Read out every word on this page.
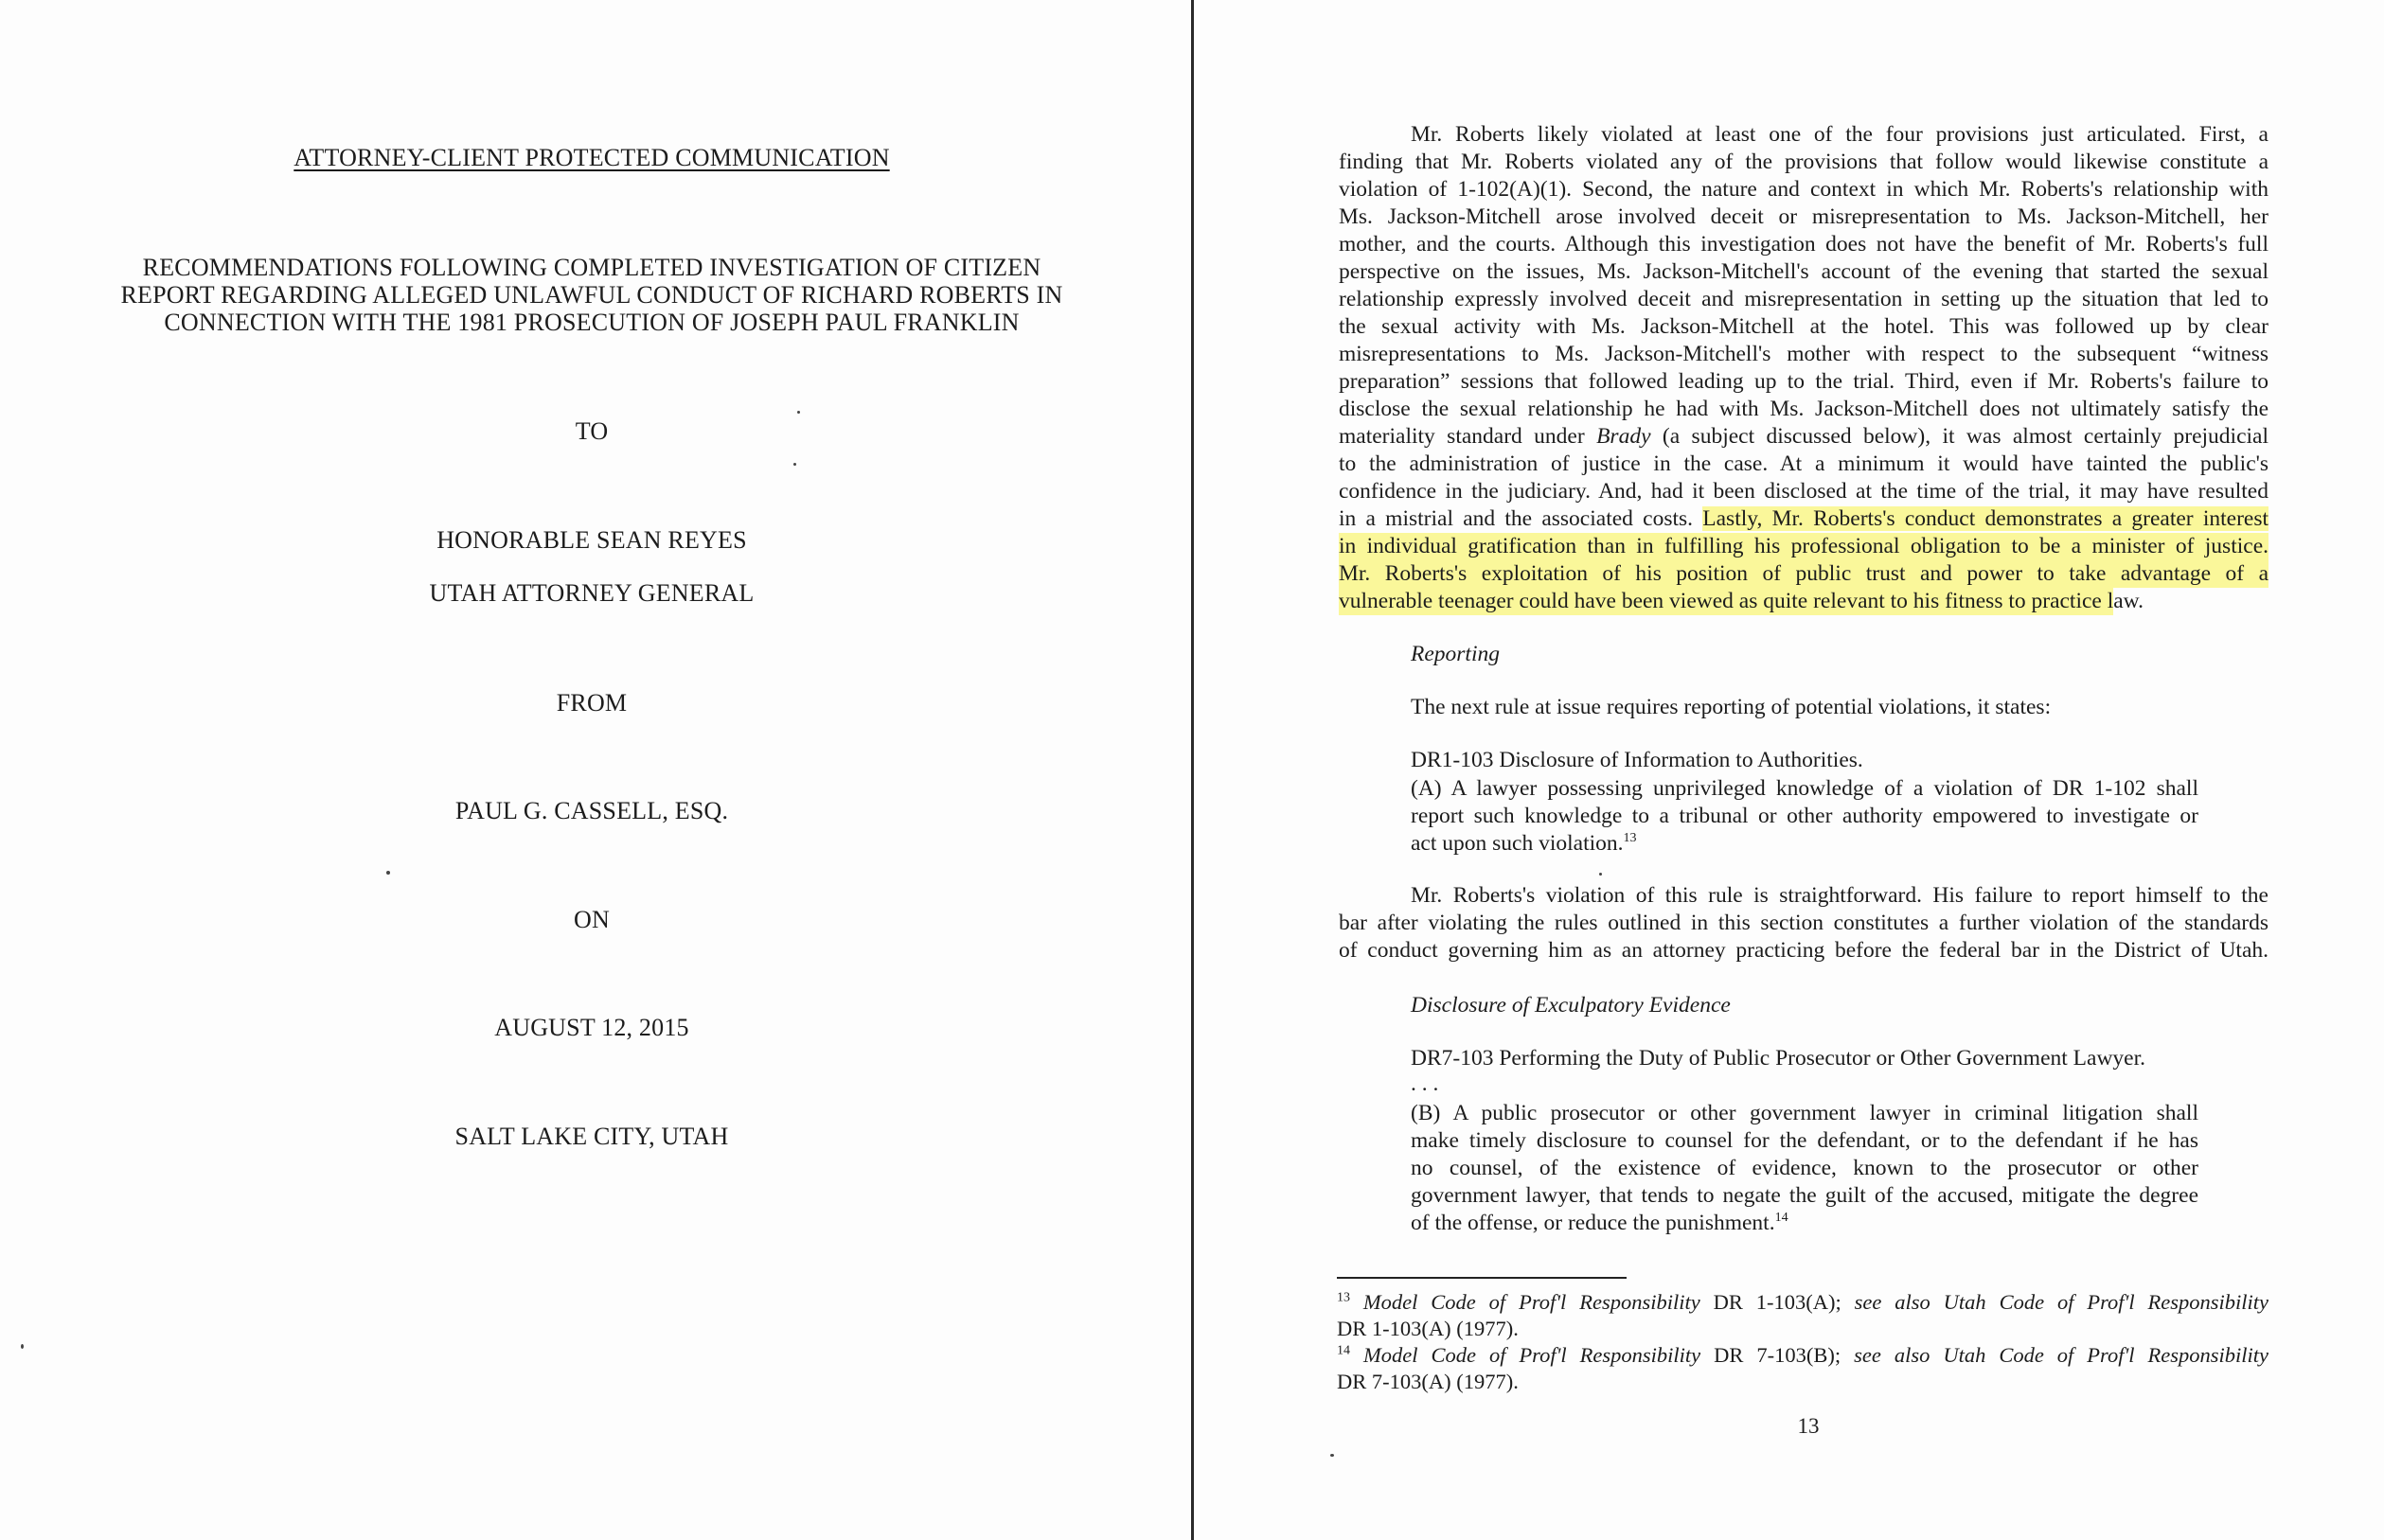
ATTORNEY-CLIENT PROTECTED COMMUNICATION
RECOMMENDATIONS FOLLOWING COMPLETED INVESTIGATION OF CITIZEN
REPORT REGARDING ALLEGED UNLAWFUL CONDUCT OF RICHARD ROBERTS IN
CONNECTION WITH THE 1981 PROSECUTION OF JOSEPH PAUL FRANKLIN
TO
HONORABLE SEAN REYES
UTAH ATTORNEY GENERAL
FROM
PAUL G. CASSELL, ESQ.
ON
AUGUST 12, 2015
SALT LAKE CITY, UTAH
Mr. Roberts likely violated at least one of the four provisions just articulated. First, a
finding that Mr. Roberts violated any of the provisions that follow would likewise constitute a
violation of 1-102(A)(1). Second, the nature and context in which Mr. Roberts's relationship with
Ms. Jackson-Mitchell arose involved deceit or misrepresentation to Ms. Jackson-Mitchell, her
mother, and the courts. Although this investigation does not have the benefit of Mr. Roberts's full
perspective on the issues, Ms. Jackson-Mitchell's account of the evening that started the sexual
relationship expressly involved deceit and misrepresentation in setting up the situation that led to
the sexual activity with Ms. Jackson-Mitchell at the hotel. This was followed up by clear
misrepresentations to Ms. Jackson-Mitchell's mother with respect to the subsequent “witness
preparation” sessions that followed leading up to the trial. Third, even if Mr. Roberts's failure to
disclose the sexual relationship he had with Ms. Jackson-Mitchell does not ultimately satisfy the
materiality standard under Brady (a subject discussed below), it was almost certainly prejudicial
to the administration of justice in the case. At a minimum it would have tainted the public's
confidence in the judiciary. And, had it been disclosed at the time of the trial, it may have resulted
in a mistrial and the associated costs. Lastly, Mr. Roberts's conduct demonstrates a greater interest
in individual gratification than in fulfilling his professional obligation to be a minister of justice.
Mr. Roberts's exploitation of his position of public trust and power to take advantage of a
vulnerable teenager could have been viewed as quite relevant to his fitness to practice law.
Reporting
The next rule at issue requires reporting of potential violations, it states:
DR1-103 Disclosure of Information to Authorities.
(A) A lawyer possessing unprivileged knowledge of a violation of DR 1-102 shall
report such knowledge to a tribunal or other authority empowered to investigate or
act upon such violation.$^{13}$
Mr. Roberts's violation of this rule is straightforward. His failure to report himself to the
bar after violating the rules outlined in this section constitutes a further violation of the standards
of conduct governing him as an attorney practicing before the federal bar in the District of Utah.
Disclosure of Exculpatory Evidence
DR7-103 Performing the Duty of Public Prosecutor or Other Government Lawyer.
. . .
(B) A public prosecutor or other government lawyer in criminal litigation shall
make timely disclosure to counsel for the defendant, or to the defendant if he has
no counsel, of the existence of evidence, known to the prosecutor or other
government lawyer, that tends to negate the guilt of the accused, mitigate the degree
of the offense, or reduce the punishment.$^{14}$
$^{13}$ Model Code of Prof'l Responsibility DR 1-103(A); see also Utah Code of Prof'l Responsibility
DR 1-103(A) (1977).
$^{14}$ Model Code of Prof'l Responsibility DR 7-103(B); see also Utah Code of Prof'l Responsibility
DR 7-103(A) (1977).
13
